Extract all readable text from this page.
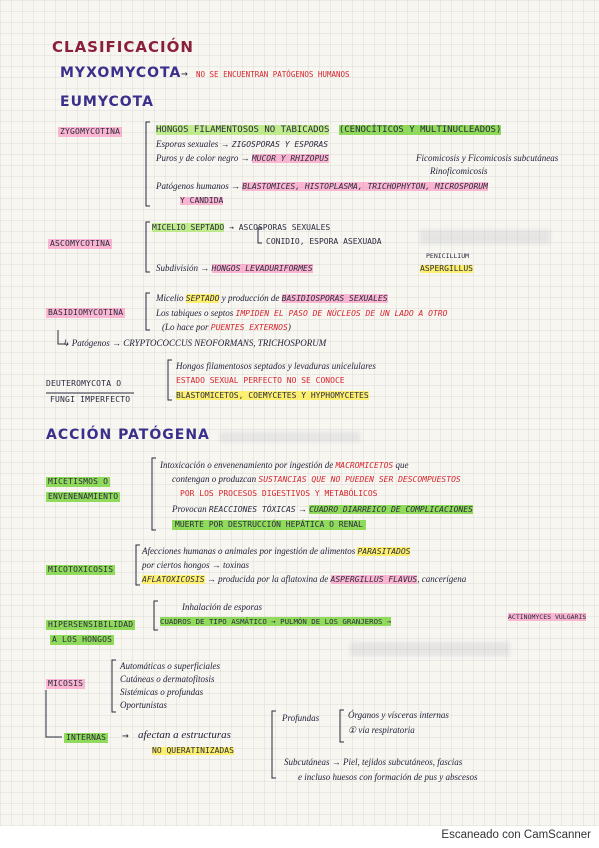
CLASIFICACIÓN
MYXOMYCOTA → NO SE ENCUENTRAN PATÓGENOS HUMANOS
EUMYCOTA
ZYGOMYCOTINA	HONGOS FILAMENTOSOS NO TABICADOS (CENOCÍTICOS Y MULTINUCLEADOS)
Esporas sexuales → ZIGOSPORAS Y ESPORAS
Puros y de color negro → MUCOR Y RHIZOPUS	Ficomicosis y Ficomicosis subcutáneas
Rinoficomicosis
Patógenos humanos → BLASTOMICES, HISTOPLASMA, TRICHOPHYTON, MICROSPORUM
Y CANDIDA
ASCOMYCOTINA
MICELIO SEPTADO → ASCOSPORAS SEXUALES
CONIDIO, ESPORA ASEXUADA
PENICILLIUM
Subdivisión → HONGOS LEVADURIFORMES	ASPERGILLUS
BASIDIOMYCOTINA
Micelio SEPTADO y producción de BASIDIOSPORAS SEXUALES
Los tabiques o septos IMPIDEN EL PASO DE NÚCLEOS DE UN LADO A OTRO
(Lo hace por PUENTES EXTERNOS)
↳ Patógenos → CRYPTOCOCCUS NEOFORMANS, TRICHOSPORUM
DEUTEROMYCOTA O
FUNGI IMPERFECTO
Hongos filamentosos septados y levaduras unicelulares
ESTADO SEXUAL PERFECTO NO SE CONOCE
BLASTOMICETOS, COEMYCETES Y HYPHOMYCETES
ACCIÓN PATÓGENA
MICETISMOS O
ENVENENAMIENTO
Intoxicación o envenenamiento por ingestión de MACROMICETOS que
contengan o produzcan SUSTANCIAS QUE NO PUEDEN SER DESCOMPUESTOS
POR LOS PROCESOS DIGESTIVOS Y METABÓLICOS
Provocan REACCIONES TÓXICAS → CUADRO DIARREICO DE COMPLICACIONES
MUERTE POR DESTRUCCIÓN HEPÁTICA O RENAL
MICOTOXICOSIS
Afecciones humanas o animales por ingestión de alimentos PARASITADOS
por ciertos hongos → toxinas
AFLATOXICOSIS → producida por la aflatoxina de ASPERGILLUS FLAVUS, cancerígena
HIPERSENSIBILIDAD
A LOS HONGOS
Inhalación de esporas
CUADROS DE TIPO ASMÁTICO → PULMÓN DE LOS GRANJEROS →	ACTINOMYCES VULGARIS
MICOSIS
Automáticas o superficiales
Cutáneas o dermatofitosis
Sistémicas o profundas
Oportunistas
INTERNAS → afectan a estructuras
NO QUERATINIZADAS
Profundas	Órganos y vísceras internas
① vía respiratoria
Subcutáneas → Piel, tejidos subcutáneos, fascias
e incluso huesos con formación de pus y abscesos
Escaneado con CamScanner
